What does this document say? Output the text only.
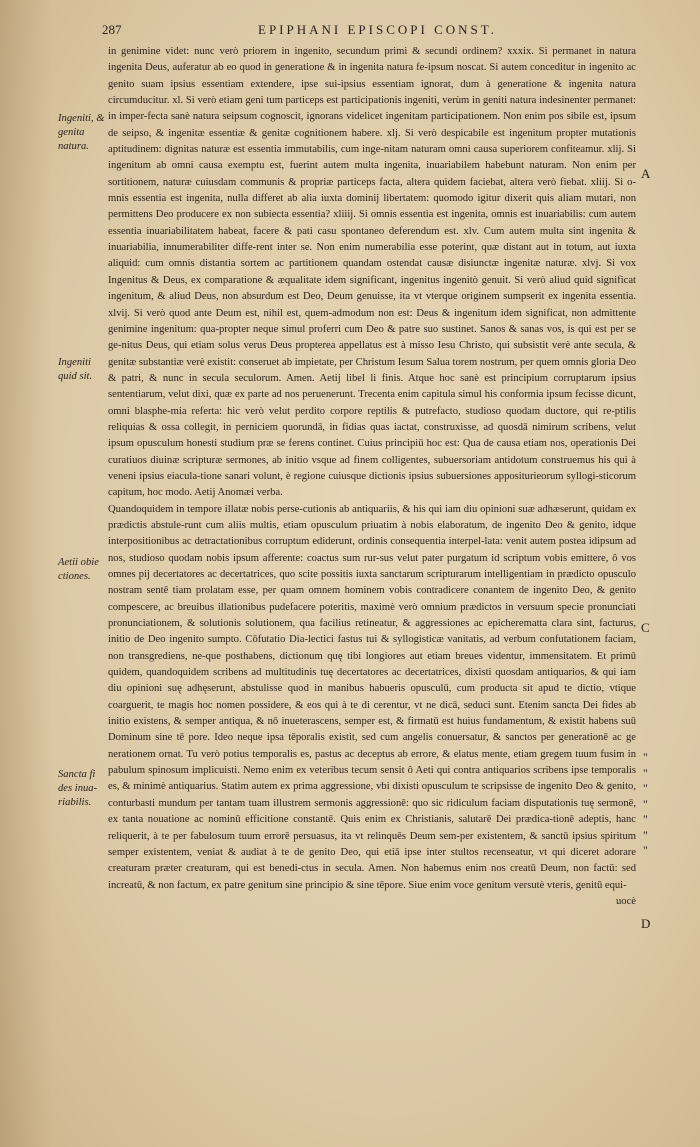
287	EPIPHANI EPISCOPI CONST.
Ingeniti, & genita natura.
Ingeniti quid sit.
Aetii obie ctiones.
Sancta fi des inua- riabilis.
A
C
D
"
"
"
"
"
"
"

in genimine videt: nunc verò priorem in ingenito, secundum primi & secundi ordinem? xxxix. Si permanet in natura ingenita Deus, auferatur ab eo quod in generatione & in ingenita natura fe-ipsum noscat. Si autem conceditur in ingenito ac genito suam ipsius essentiam extendere, ipse sui-ipsius essentiam ignorat, dum à generatione & ingenita natura circumducitur. xl. Si verò etiam geni tum particeps est participationis ingeniti, verùm in geniti natura indesinenter permanet: in imper-fecta sanè natura seipsum cognoscit, ignorans videlicet ingenitam participationem. Non enim pos sibile est, ipsum de seipso, & ingenitæ essentiæ & genitæ cognitionem habere. xlj. Si verò despicabile est ingenitum propter mutationis aptitudinem: dignitas naturæ est essentia immutabilis, cum inge-nitam naturam omni causa superiorem confiteamur. xlij. Si ingenitum ab omni causa exemptu est, fuerint autem multa ingenita, inuariabilem habebunt naturam. Non enim per sortitionem, naturæ cuiusdam communis & propriæ particeps facta, altera quidem faciebat, altera verò fiebat. xliij. Si o-mnis essentia est ingenita, nulla differet ab alia iuxta dominij libertatem: quomodo igitur dixerit quis aliam mutari, non permittens Deo producere ex non subiecta essentia? xliiij. Si omnis essentia est ingenita, omnis est inuariabilis: cum autem essentia inuariabilitatem habeat, facere & pati casu spontaneo deferendum est. xlv. Cum autem multa sint ingenita & inuariabilia, innumerabiliter diffe-rent inter se. Non enim numerabilia esse poterint, quæ distant aut in totum, aut iuxta aliquid: cum omnis distantia sortem ac partitionem quandam ostendat causæ disiunctæ ingenitæ naturæ. xlvj. Si vox Ingenitus & Deus, ex comparatione & æqualitate idem significant, ingenitus ingenitò genuit. Si verò aliud quid significat ingenitum, & aliud Deus, non absurdum est Deo, Deum genuisse, ita vt vterque originem sumpserit ex ingenita essentia. xlvij. Si verò quod ante Deum est, nihil est, quem-admodum non est: Deus & ingenitum idem significat, non admittente genimine ingenitum: qua-propter neque simul proferri cum Deo & patre suo sustinet. Sanos & sanas vos, is qui est per se ge-nitus Deus, qui etiam solus verus Deus propterea appellatus est à misso Iesu Christo, qui subsistit verè ante secula, & genitæ substantiæ verè existit: conseruet ab impietate, per Christum Iesum Salua torem nostrum, per quem omnis gloria Deo & patri, & nunc in secula seculorum. Amen. Aetij libel li finis. Atque hoc sanè est principium corruptarum ipsius sententiarum, velut dixi, quæ ex parte ad nos peruenerunt. Trecenta enim capitula simul his conformia ipsum fecisse dicunt, omni blasphe-mia referta: hic verò velut perdito corpore reptilis & putrefacto, studioso quodam ductore, qui re-ptilis reliquias & ossa collegit, in perniciem quorundā, in fidias quas iactat, construxisse, ad quosdā nimirum scribens, velut ipsum opusculum honesti studium præ se ferens continet. Cuius principiū hoc est: Qua de causa etiam nos, operationis Dei curatiuos diuinæ scripturæ sermones, ab initio vsque ad finem colligentes, subuersoriam antidotum construemus his qui à veneni ipsius eiacula-tione sanari volunt, è regione cuiusque dictionis ipsius subuersiones appositurieorum syllogi-sticorum capitum, hoc modo. Aetij Anomæi verba.

Quandoquidem in tempore illatæ nobis perse-cutionis ab antiquariis, & his qui iam diu opinioni suæ adhæserunt, quidam ex prædictis abstule-runt cum aliis multis, etiam opusculum priuatim à nobis elaboratum, de ingenito Deo & genito, idque interpositionibus ac detractationibus corruptum ediderunt, ordinis consequentia interpel-lata: venit autem postea idipsum ad nos, studioso quodam nobis ipsum afferente: coactus sum rur-sus velut pater purgatum id scriptum vobis emittere, ô vos omnes pij decertatores ac decertatrices, quo scite possitis iuxta sanctarum scripturarum intelligentiam in prædicto opusculo nostram sentē tiam prolatam esse, per quam omnem hominem vobis contradicere conantem de ingenito Deo, & genito compescere, ac breuibus illationibus pudefacere poteritis, maximè verò omnium prædictos in versuum specie pronunciati pronunciationem, & solutionis solutionem, qua facilius retineatur, & aggressiones ac epicherematta clara sint, facturus, initio de Deo ingenito sumpto. Cōfutatio Dia-lectici fastus tui & syllogisticæ vanitatis, ad verbum confutationem faciam, non transgrediens, ne-que posthabens, dictionum quę tibi longiores aut etiam breues videntur, immensitatem. Et primū quidem, quandoquidem scribens ad multitudinis tuę decertatores ac decertatrices, dixisti quosdam antiquarios, & qui iam diu opinioni suę adhęserunt, abstulisse quod in manibus habueris opusculū, cum producta sit apud te dictio, vtique coarguerit, te magis hoc nomen possidere, & eos qui à te di cerentur, vt ne dicā, seduci sunt. Etenim sancta Dei fides ab initio existens, & semper antiqua, & nō inueterascens, semper est, & firmatū est huius fundamentum, & existit habens suū Dominum sine tē pore. Ideo neque ipsa tēporalis existit, sed cum angelis conuersatur, & sanctos per generationē ac ge nerationem ornat. Tu verò potius temporalis es, pastus ac deceptus ab errore, & elatus mente, etiam gregem tuum fusim in pabulum spinosum implicuisti. Nemo enim ex veteribus tecum sensit ô Aeti qui contra antiquarios scribens ipse temporalis es, & minimè antiquarius. Statim autem ex prima aggressione, vbi dixisti opusculum te scripsisse de ingenito Deo & genito, conturbasti mundum per tantam tuam illustrem sermonis aggressionē: quo sic ridiculum faciam disputationis tuę sermonē, ex tanta nouatione ac nominū efficitione constantē. Quis enim ex Christianis, salutarē Dei prædica-tionē adeptis, hanc reliquerit, à te per fabulosum tuum errorē persuasus, ita vt relinquēs Deum sem-per existentem, & sanctū ipsius spiritum semper existentem, veniat & audiat à te de genito Deo, qui etiā ipse inter stultos recenseatur, vt qui diceret adorare creaturam præter creaturam, qui est benedi-ctus in secula. Amen. Non habemus enim nos creatū Deum, non factū: sed increatū, & non factum, ex patre genitum sine principio & sine tēpore. Siue enim voce genitum versutè vteris, genitū equi-

uocè
